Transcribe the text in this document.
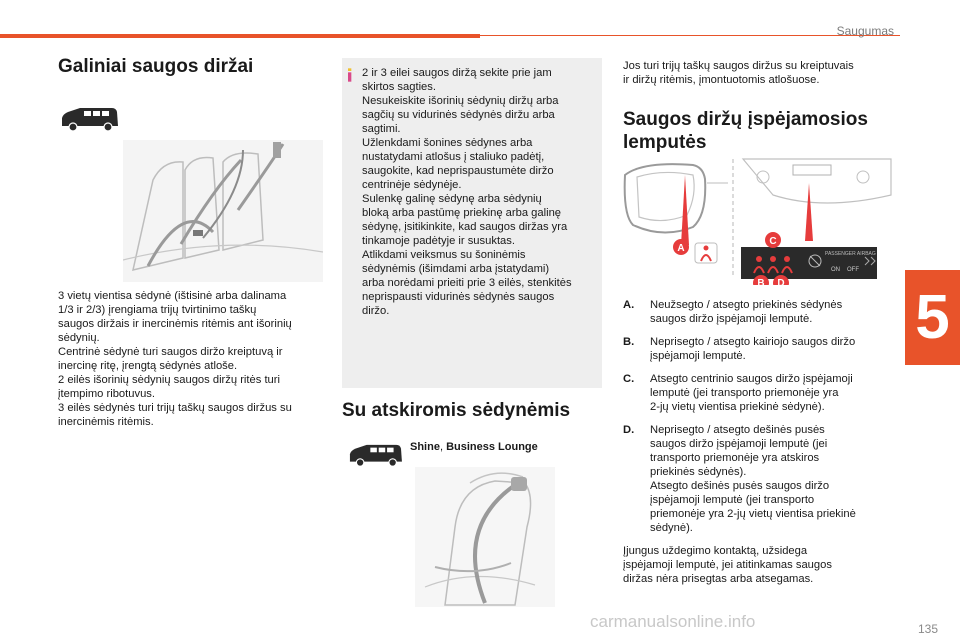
Saugumas
5
Galiniai saugos diržai
3 vietų vientisa sėdynė (ištisinė arba dalinama
1/3 ir 2/3) įrengiama trijų tvirtinimo taškų
saugos diržais ir inercinėmis ritėmis ant išorinių
sėdynių.
Centrinė sėdynė turi saugos diržo kreiptuvą ir
inercinę ritę, įrengtą sėdynės atloše.
2 eilės išorinių sėdynių saugos diržų ritės turi
įtempimo ribotuvus.
3 eilės sėdynės turi trijų taškų saugos diržus su
inercinėmis ritėmis.
2 ir 3 eilei saugos diržą sekite prie jam
skirtos sagties.
Nesukeiskite išorinių sėdynių diržų arba
sagčių su vidurinės sėdynės diržu arba
sagtimi.
Užlenkdami šonines sėdynes arba
nustatydami atlošus į staliuko padėtį,
saugokite, kad neprispaustumėte diržo
centrinėje sėdynėje.
Sulenkę galinę sėdynę arba sėdynių
bloką arba pastūmę priekinę arba galinę
sėdynę, įsitikinkite, kad saugos diržas yra
tinkamoje padėtyje ir susuktas.
Atlikdami veiksmus su šoninėmis
sėdynėmis (išimdami arba įstatydami)
arba norėdami prieiti prie 3 eilės, stenkitės
neprispausti vidurinės sėdynės saugos
diržo.
Su atskiromis sėdynėmis
Shine, Business Lounge
Jos turi trijų taškų saugos diržus su kreiptuvais
ir diržų ritėmis, įmontuotomis atlošuose.
Saugos diržų įspėjamosios
lemputės
PASSENGER AIRBAG
ON OFF
A
C
B D
A.	Neužsegto / atsegto priekinės sėdynės
saugos diržo įspėjamoji lemputė.
B.	Neprisegto / atsegto kairiojo saugos diržo
įspėjamoji lemputė.
C.	Atsegto centrinio saugos diržo įspėjamoji
lemputė (jei transporto priemonėje yra
2-jų vietų vientisa priekinė sėdynė).
D.	Neprisegto / atsegto dešinės pusės
saugos diržo įspėjamoji lemputė (jei
transporto priemonėje yra atskiros
priekinės sėdynės).
Atsegto dešinės pusės saugos diržo
įspėjamoji lemputė (jei transporto
priemonėje yra 2-jų vietų vientisa priekinė
sėdynė).
Įjungus uždegimo kontaktą, užsidega
įspėjamoji lemputė, jei atitinkamas saugos
diržas nėra prisegtas arba atsegamas.
carmanualsonline.info	135
